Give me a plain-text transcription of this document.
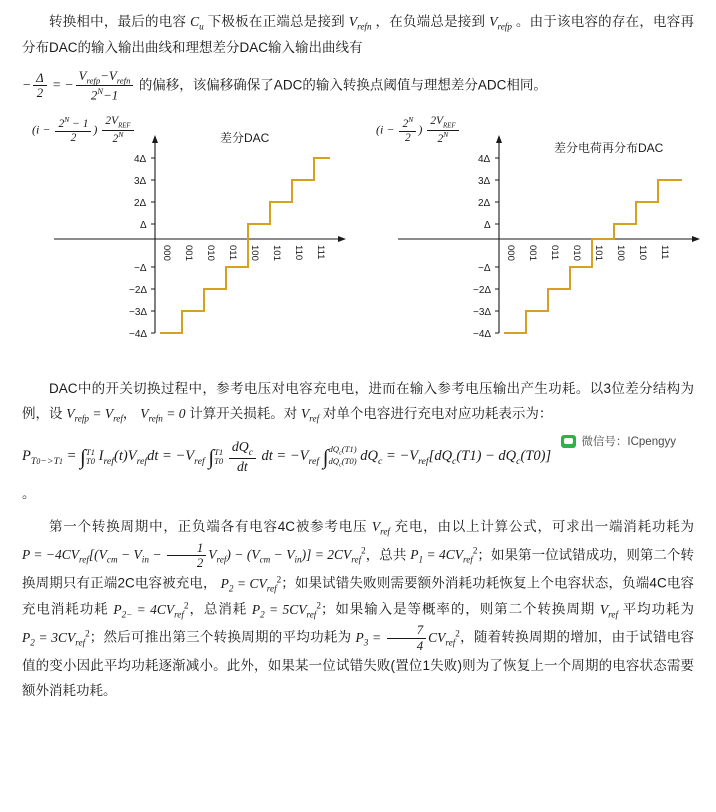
转换相中，最后的电容 $C_u$ 下极板在正端总是接到 $V_{refn}$ ，在负端总是接到 $V_{refp}$ 。由于该电容的存在，电容再分布DAC的输入输出曲线和理想差分DAC输入输出曲线有

− $\frac{\Delta}{2}$ = − $\frac{V_{refp}-V_{refn}}{2^N-1}$ 的偏移，该偏移确保了ADC的输入转换点阈值与理想差分ADC相同。

($i - \frac{2^N - 1}{2}$ ) $\frac{2V_{REF}}{2^N}$	差分DAC
4Δ
3Δ
2Δ
Δ
−Δ
−2Δ
−3Δ
−4Δ
000 001 010 011 100 101 110 111
($i - \frac{2^N}{2}$ ) $\frac{2V_{REF}}{2^N}$
差分电荷再分布DAC
4Δ
3Δ
2Δ
Δ
−Δ
−2Δ
−3Δ
−4Δ
000 001 011 010 101 100 110 111
微信号：ICpengyy

DAC中的开关切换过程中，参考电压对电容充电电，进而在输入参考电压输出产生功耗。以3位差分结构为例，设 $V_{refp} = V_{ref}$， $V_{refn} = 0$ 计算开关损耗。对 $V_{ref}$ 对单个电容进行充电对应功耗表示为：

$P_{T0->T1} = \int T1$
T0 $I_{ref}(t)V_{ref}dt = -V_{ref}$ ∫T1
$T0 \frac{dQ_c}{dt}$ dt = $-V_{ref}$ $\int dQ_c(T1)$
$dQ_c(T0) dQ_c = -V_{ref}[dQ_c(T1) - dQ_c(T0)]$

。

第一个转换周期中，正负端各有电容4C被参考电压 $V_{ref}$ 充电，由以上计算公式，可求出一端消耗功耗为 $P = -4CV_{ref}[(V_{cm} - V_{in} - \frac{1}{2} V_{ref}) - (V_{cm} - V_{in})] = 2CV_{ref}^2$，总共 $P_1 = 4CV_{ref}^2$；如果第一位试错成功，则第二个转换周期只有正端2C电容被充电， $P_2 = CV_{ref}^2$；如果试错失败则需要额外消耗功耗恢复上个电容状态，负端4C电容充电消耗功耗 $P_{2-} = 4CV_{ref}^2$，总消耗 $P_2 = 5CV_{ref}^2$；如果输入是等概率的，则第二个转换周期 $V_{ref}$ 平均功耗为 $P_2 = 3CV_{ref}^2$；然后可推出第三个转换周期的平均功耗为 $P_3 = \frac{7}{4} CV_{ref}^2$，随着转换周期的增加，由于试错电容值的变小因此平均功耗逐渐减小。此外，如果某一位试错失败(置位1失败)则为了恢复上一个周期的电容状态需要额外消耗功耗。
